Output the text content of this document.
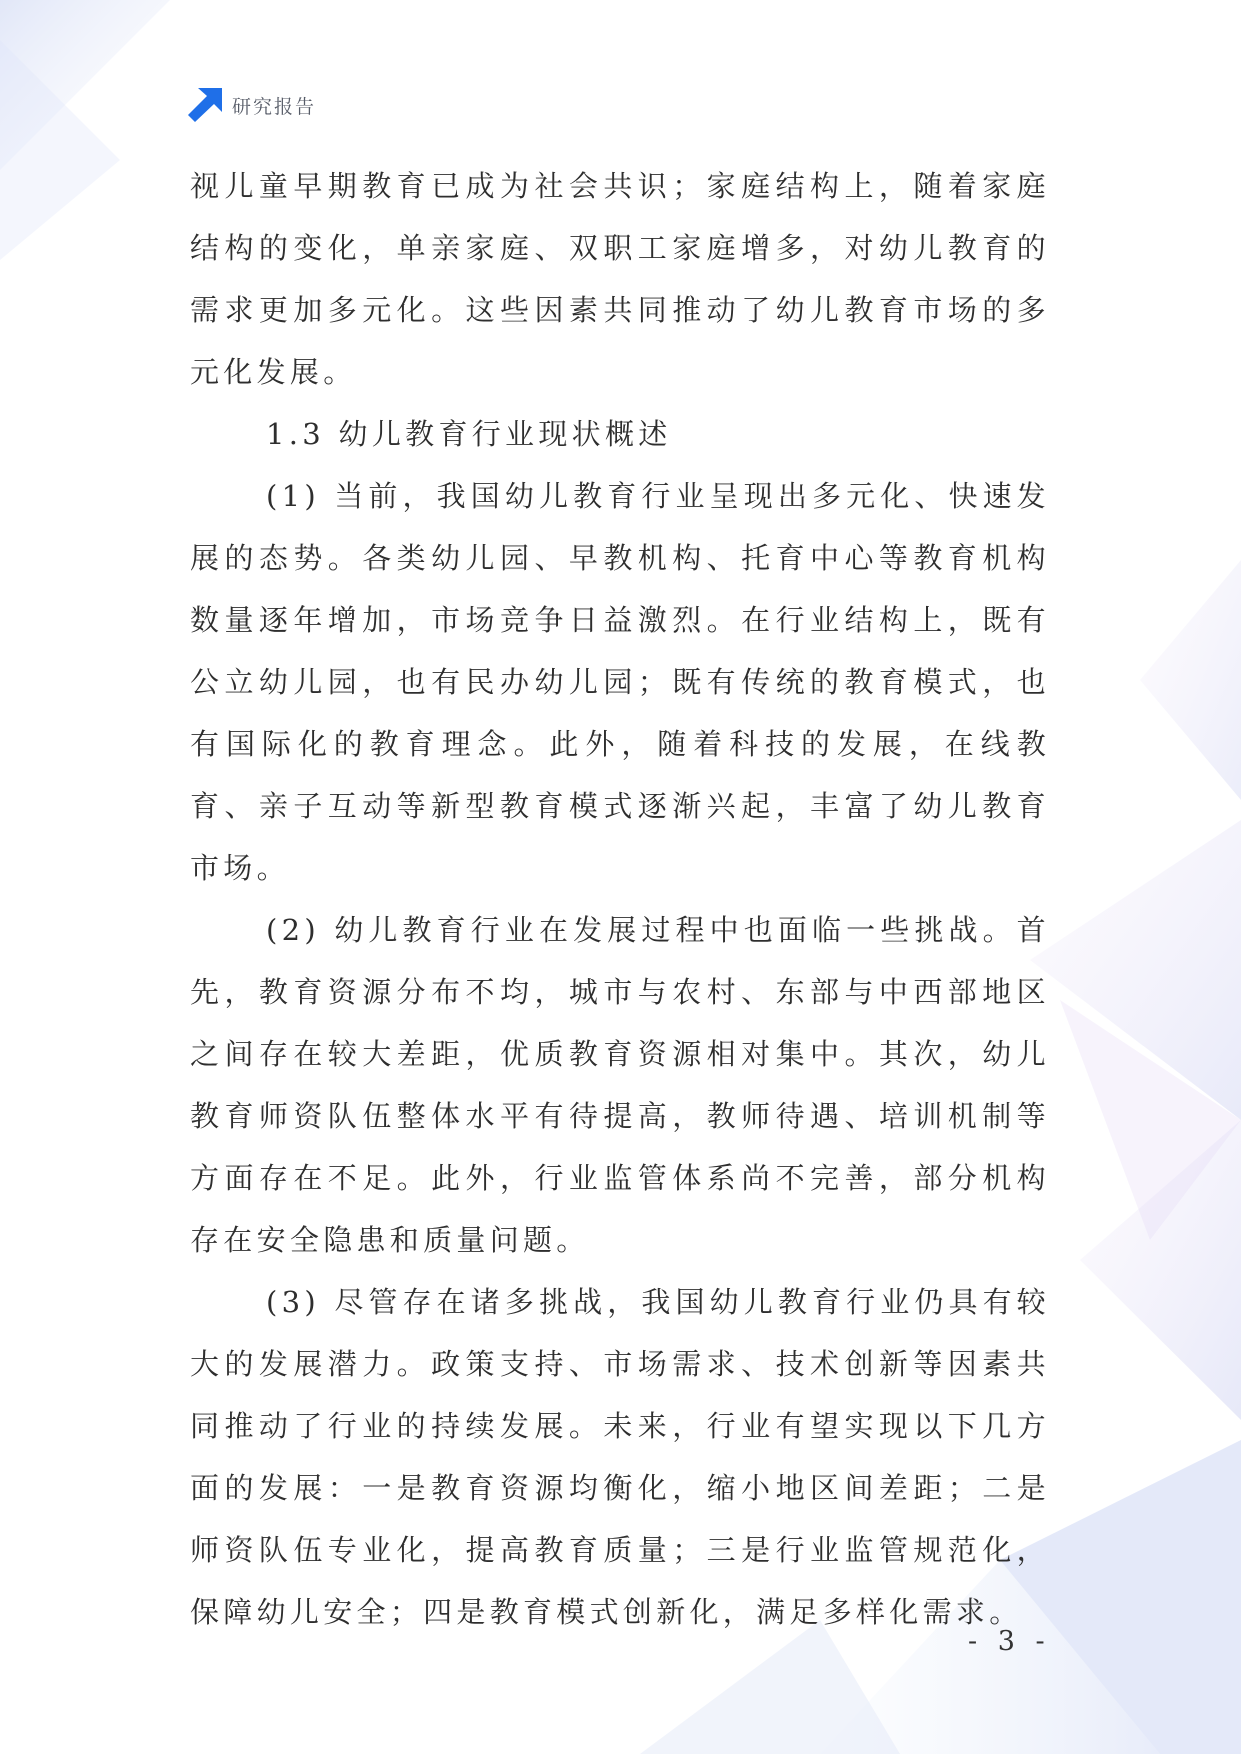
研究报告

视儿童早期教育已成为社会共识；家庭结构上，随着家庭结构的变化，单亲家庭、双职工家庭增多，对幼儿教育的需求更加多元化。这些因素共同推动了幼儿教育市场的多元化发展。

1.3 幼儿教育行业现状概述

(1) 当前，我国幼儿教育行业呈现出多元化、快速发展的态势。各类幼儿园、早教机构、托育中心等教育机构数量逐年增加，市场竞争日益激烈。在行业结构上，既有公立幼儿园，也有民办幼儿园；既有传统的教育模式，也有国际化的教育理念。此外，随着科技的发展，在线教育、亲子互动等新型教育模式逐渐兴起，丰富了幼儿教育市场。

(2) 幼儿教育行业在发展过程中也面临一些挑战。首先，教育资源分布不均，城市与农村、东部与中西部地区之间存在较大差距，优质教育资源相对集中。其次，幼儿教育师资队伍整体水平有待提高，教师待遇、培训机制等方面存在不足。此外，行业监管体系尚不完善，部分机构存在安全隐患和质量问题。

(3) 尽管存在诸多挑战，我国幼儿教育行业仍具有较大的发展潜力。政策支持、市场需求、技术创新等因素共同推动了行业的持续发展。未来，行业有望实现以下几方面的发展：一是教育资源均衡化，缩小地区间差距；二是师资队伍专业化，提高教育质量；三是行业监管规范化，保障幼儿安全；四是教育模式创新化，满足多样化需求。

- 3 -
